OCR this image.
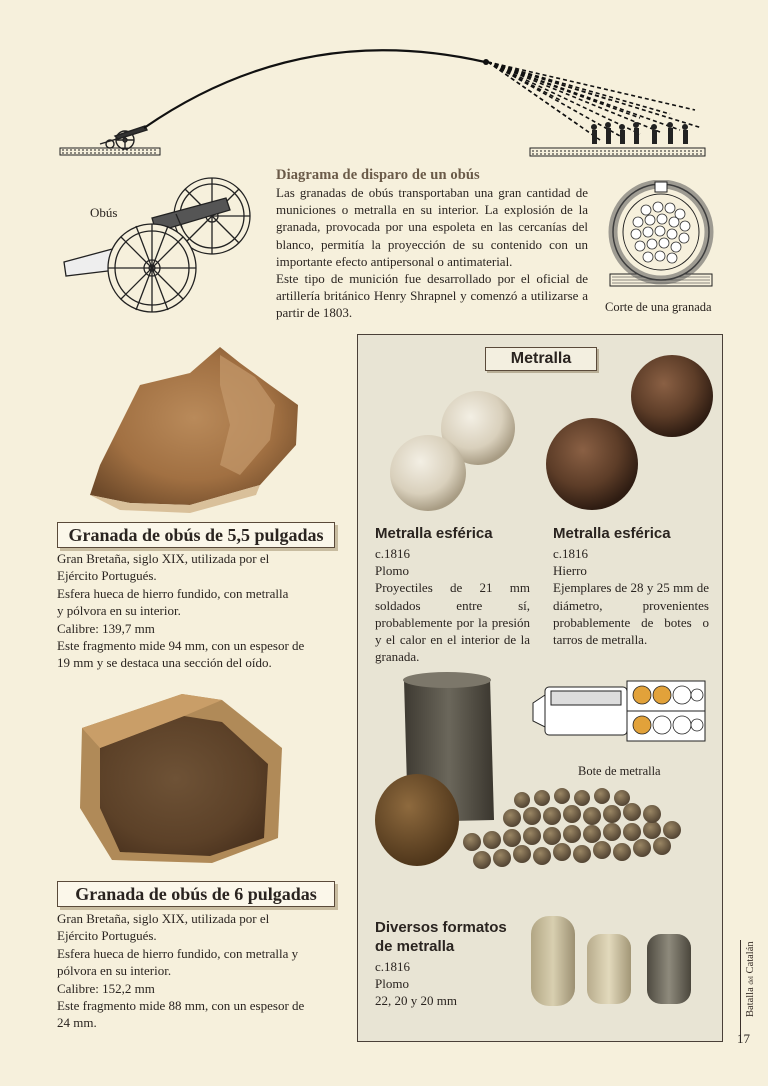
Obús
Diagrama de disparo de un obús

Las granadas de obús transportaban una gran cantidad de municiones o metralla en su interior. La explosión de la granada, provocada por una espoleta en las cercanías del blanco, permitía la proyección de su contenido con un importante efecto antipersonal o antimaterial.

Este tipo de munición fue desarrollado por el oficial de artillería británico Henry Shrapnel y comenzó a utilizarse a partir de 1803.	Corte de una granada
Granada de obús de 5,5 pulgadas
Gran Bretaña, siglo XIX, utilizada por el
Ejército Portugués.
Esfera hueca de hierro fundido, con metralla
y pólvora en su interior.
Calibre: 139,7 mm
Este fragmento mide 94 mm, con un espesor de
19 mm y se destaca una sección del oído.
Granada de obús de 6 pulgadas
Gran Bretaña, siglo XIX, utilizada por el
Ejército Portugués.
Esfera hueca de hierro fundido, con metralla y
pólvora en su interior.
Calibre: 152,2 mm
Este fragmento mide 88 mm, con un espesor de
24 mm.
Metralla
Metralla esférica
c.1816
Plomo
Proyectiles de 21 mm soldados entre sí, probablemente por la presión y el calor en el interior de la granada.
Metralla esférica
c.1816
Hierro
Ejemplares de 28 y 25 mm de diámetro, provenientes probablemente de botes o tarros de metralla.
Bote de metralla
Diversos formatos
de metralla
c.1816
Plomo
22, 20 y 20 mm	Batalla del Catalán
17
